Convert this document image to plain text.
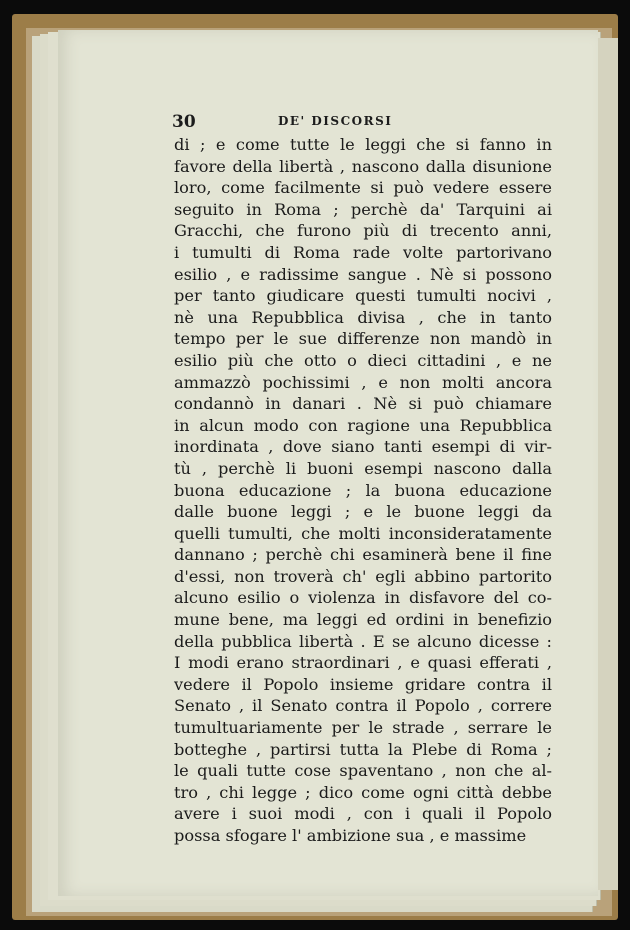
30	DE' DISCORSI
di ; e come tutte le leggi che si fanno in
favore della libertà , nascono dalla disunione
loro, come facilmente si può vedere essere
seguito in Roma ; perchè da' Tarquini ai
Gracchi, che furono più di trecento anni,
i tumulti di Roma rade volte partorivano
esilio , e radissime sangue . Nè si possono
per tanto giudicare questi tumulti nocivi ,
nè una Repubblica divisa , che in tanto
tempo per le sue differenze non mandò in
esilio più che otto o dieci cittadini , e ne
ammazzò pochissimi , e non molti ancora
condannò in danari . Nè si può chiamare
in alcun modo con ragione una Repubblica
inordinata , dove siano tanti esempi di vir-
tù , perchè li buoni esempi nascono dalla
buona educazione ; la buona educazione
dalle buone leggi ; e le buone leggi da
quelli tumulti, che molti inconsideratamente
dannano ; perchè chi esaminerà bene il fine
d'essi, non troverà ch' egli abbino partorito
alcuno esilio o violenza in disfavore del co-
mune bene, ma leggi ed ordini in benefizio
della pubblica libertà . E se alcuno dicesse :
I modi erano straordinari , e quasi efferati ,
vedere il Popolo insieme gridare contra il
Senato , il Senato contra il Popolo , correre
tumultuariamente per le strade , serrare le
botteghe , partirsi tutta la Plebe di Roma ;
le quali tutte cose spaventano , non che al-
tro , chi legge ; dico come ogni città debbe
avere i suoi modi , con i quali il Popolo
possa sfogare l' ambizione sua , e massime
